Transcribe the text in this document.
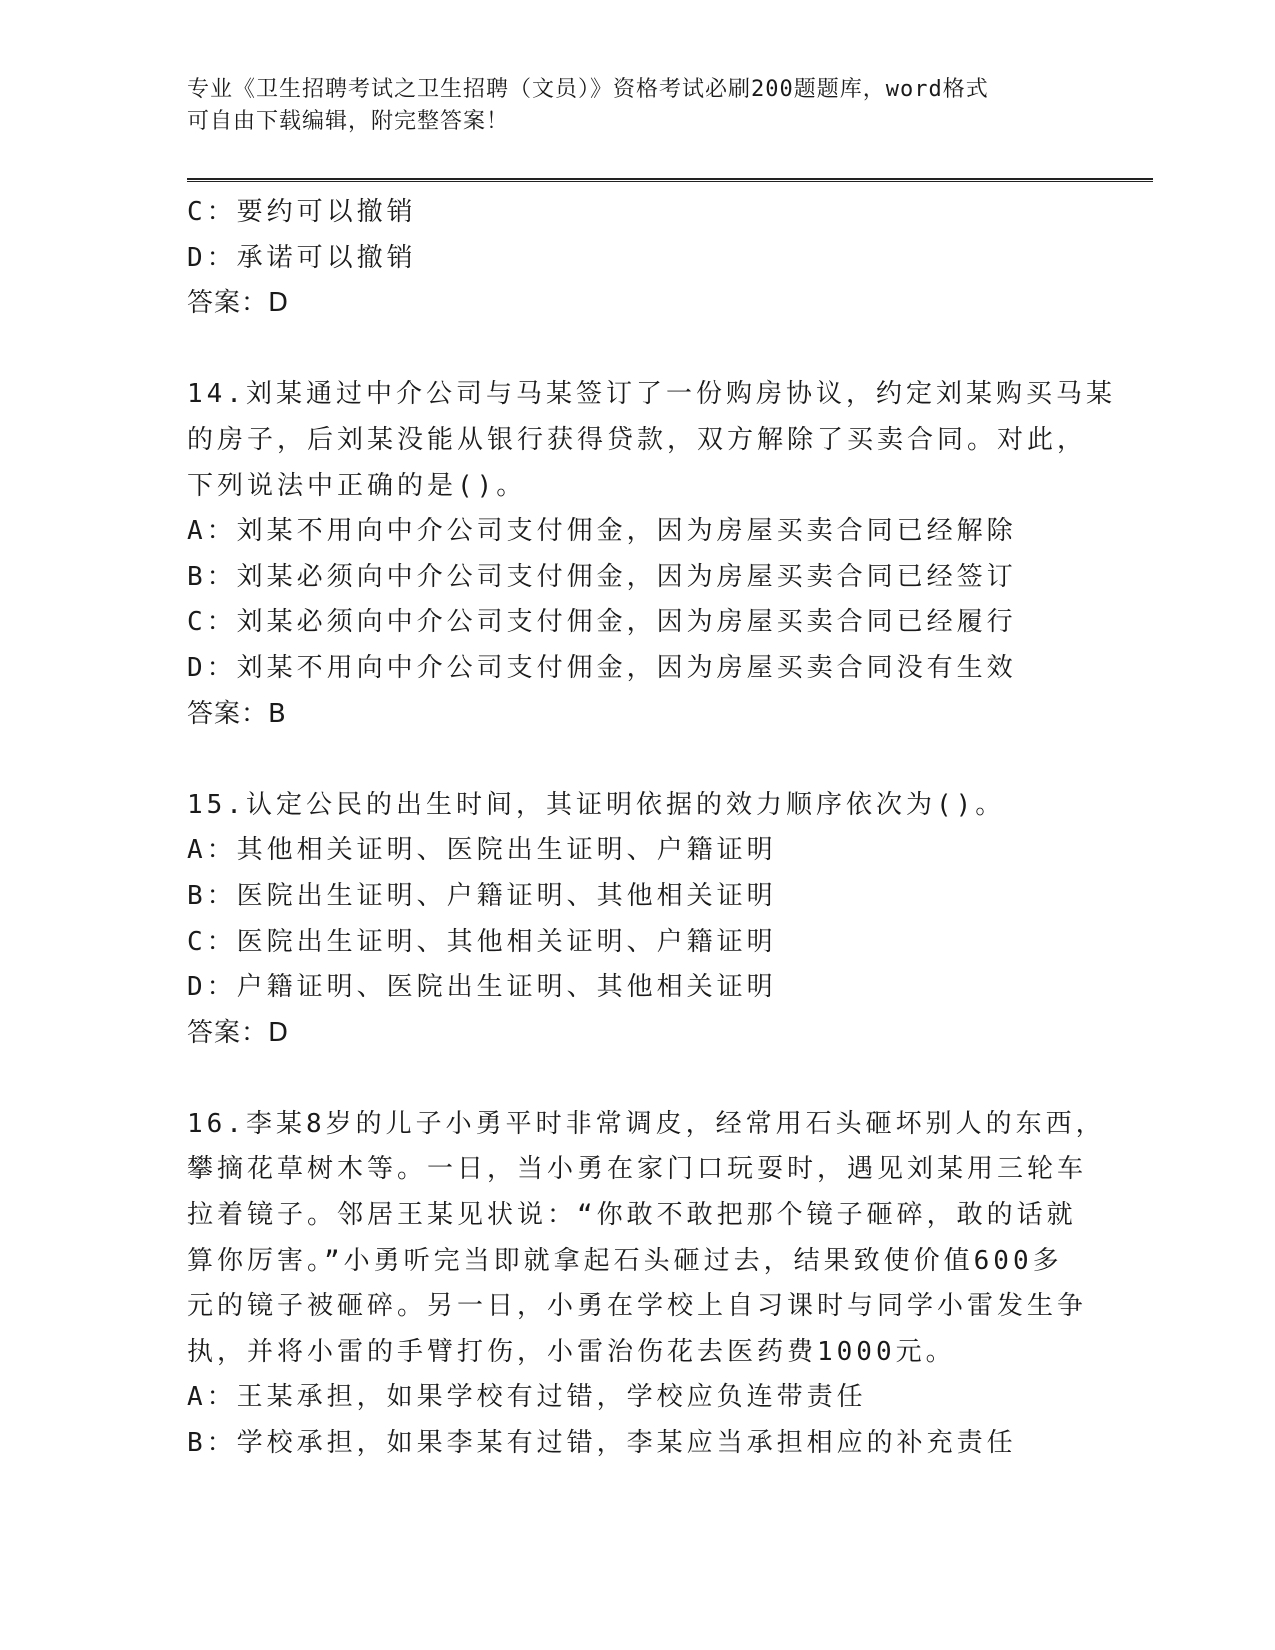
专业《卫生招聘考试之卫生招聘（文员）》资格考试必刷200题题库，word格式
可自由下载编辑，附完整答案！
C：要约可以撤销
D：承诺可以撤销
答案：D
14.刘某通过中介公司与马某签订了一份购房协议，约定刘某购买马某
的房子，后刘某没能从银行获得贷款，双方解除了买卖合同。对此，
下列说法中正确的是()。
A：刘某不用向中介公司支付佣金，因为房屋买卖合同已经解除
B：刘某必须向中介公司支付佣金，因为房屋买卖合同已经签订
C：刘某必须向中介公司支付佣金，因为房屋买卖合同已经履行
D：刘某不用向中介公司支付佣金，因为房屋买卖合同没有生效
答案：B
15.认定公民的出生时间，其证明依据的效力顺序依次为()。
A：其他相关证明、医院出生证明、户籍证明
B：医院出生证明、户籍证明、其他相关证明
C：医院出生证明、其他相关证明、户籍证明
D：户籍证明、医院出生证明、其他相关证明
答案：D
16.李某8岁的儿子小勇平时非常调皮，经常用石头砸坏别人的东西，
攀摘花草树木等。一日，当小勇在家门口玩耍时，遇见刘某用三轮车
拉着镜子。邻居王某见状说：“你敢不敢把那个镜子砸碎，敢的话就
算你厉害。”小勇听完当即就拿起石头砸过去，结果致使价值600多
元的镜子被砸碎。另一日，小勇在学校上自习课时与同学小雷发生争
执，并将小雷的手臂打伤，小雷治伤花去医药费1000元。
A：王某承担，如果学校有过错，学校应负连带责任
B：学校承担，如果李某有过错，李某应当承担相应的补充责任
